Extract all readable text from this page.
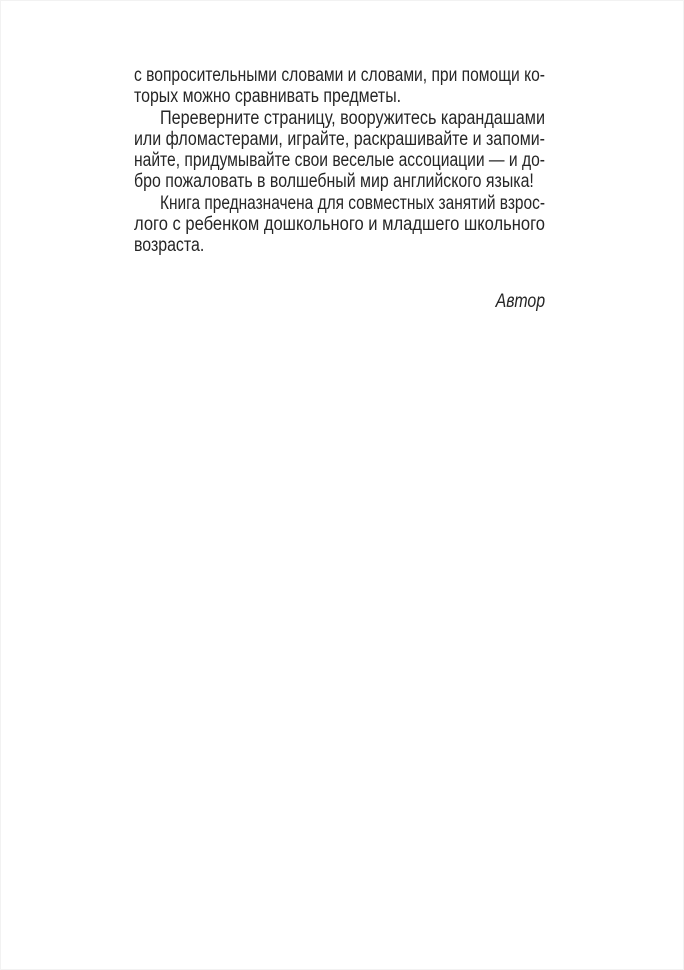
с вопросительными словами и словами, при помощи ко-
торых можно сравнивать предметы.
Переверните страницу, вооружитесь карандашами
или фломастерами, играйте, раскрашивайте и запоми-
найте, придумывайте свои веселые ассоциации — и до-
бро пожаловать в волшебный мир английского языка!
Книга предназначена для совместных занятий взрос-
лого с ребенком дошкольного и младшего школьного
возраста.
Автор
